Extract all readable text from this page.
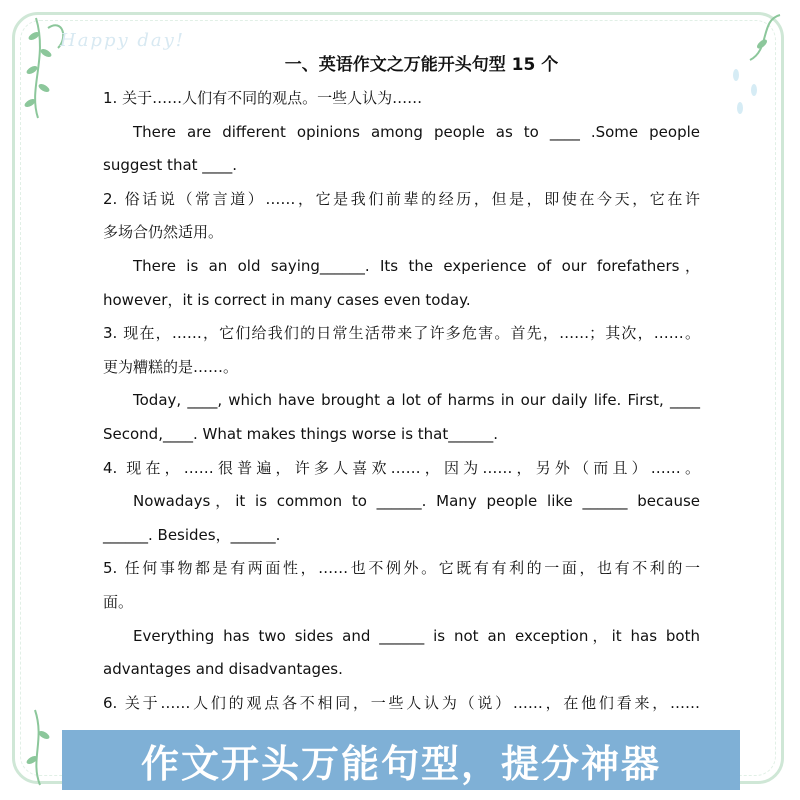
Happy day!
一、英语作文之万能开头句型 15 个
1. 关于……人们有不同的观点。一些人认为……
There are different opinions among people as to ____ .Some people
suggest that ____.
2. 俗话说（常言道）……，它是我们前辈的经历，但是，即使在今天，它在许
多场合仍然适用。
There is an old saying______. Its the experience of our forefathers，
however，it is correct in many cases even today.
3. 现在，……，它们给我们的日常生活带来了许多危害。首先，……；其次，……。
更为糟糕的是……。
Today, ____, which have brought a lot of harms in our daily life. First, ____
Second,____. What makes things worse is that______.
4. 现在，……很普遍，许多人喜欢……，因为……，另外（而且）……。
Nowadays，it is common to ______. Many people like ______ because
______. Besides，______.
5. 任何事物都是有两面性，……也不例外。它既有有利的一面，也有不利的一
面。
Everything has two sides and ______ is not an exception，it has both
advantages and disadvantages.
6. 关于……人们的观点各不相同，一些人认为（说）……，在他们看来，……
作文开头万能句型，提分神器
